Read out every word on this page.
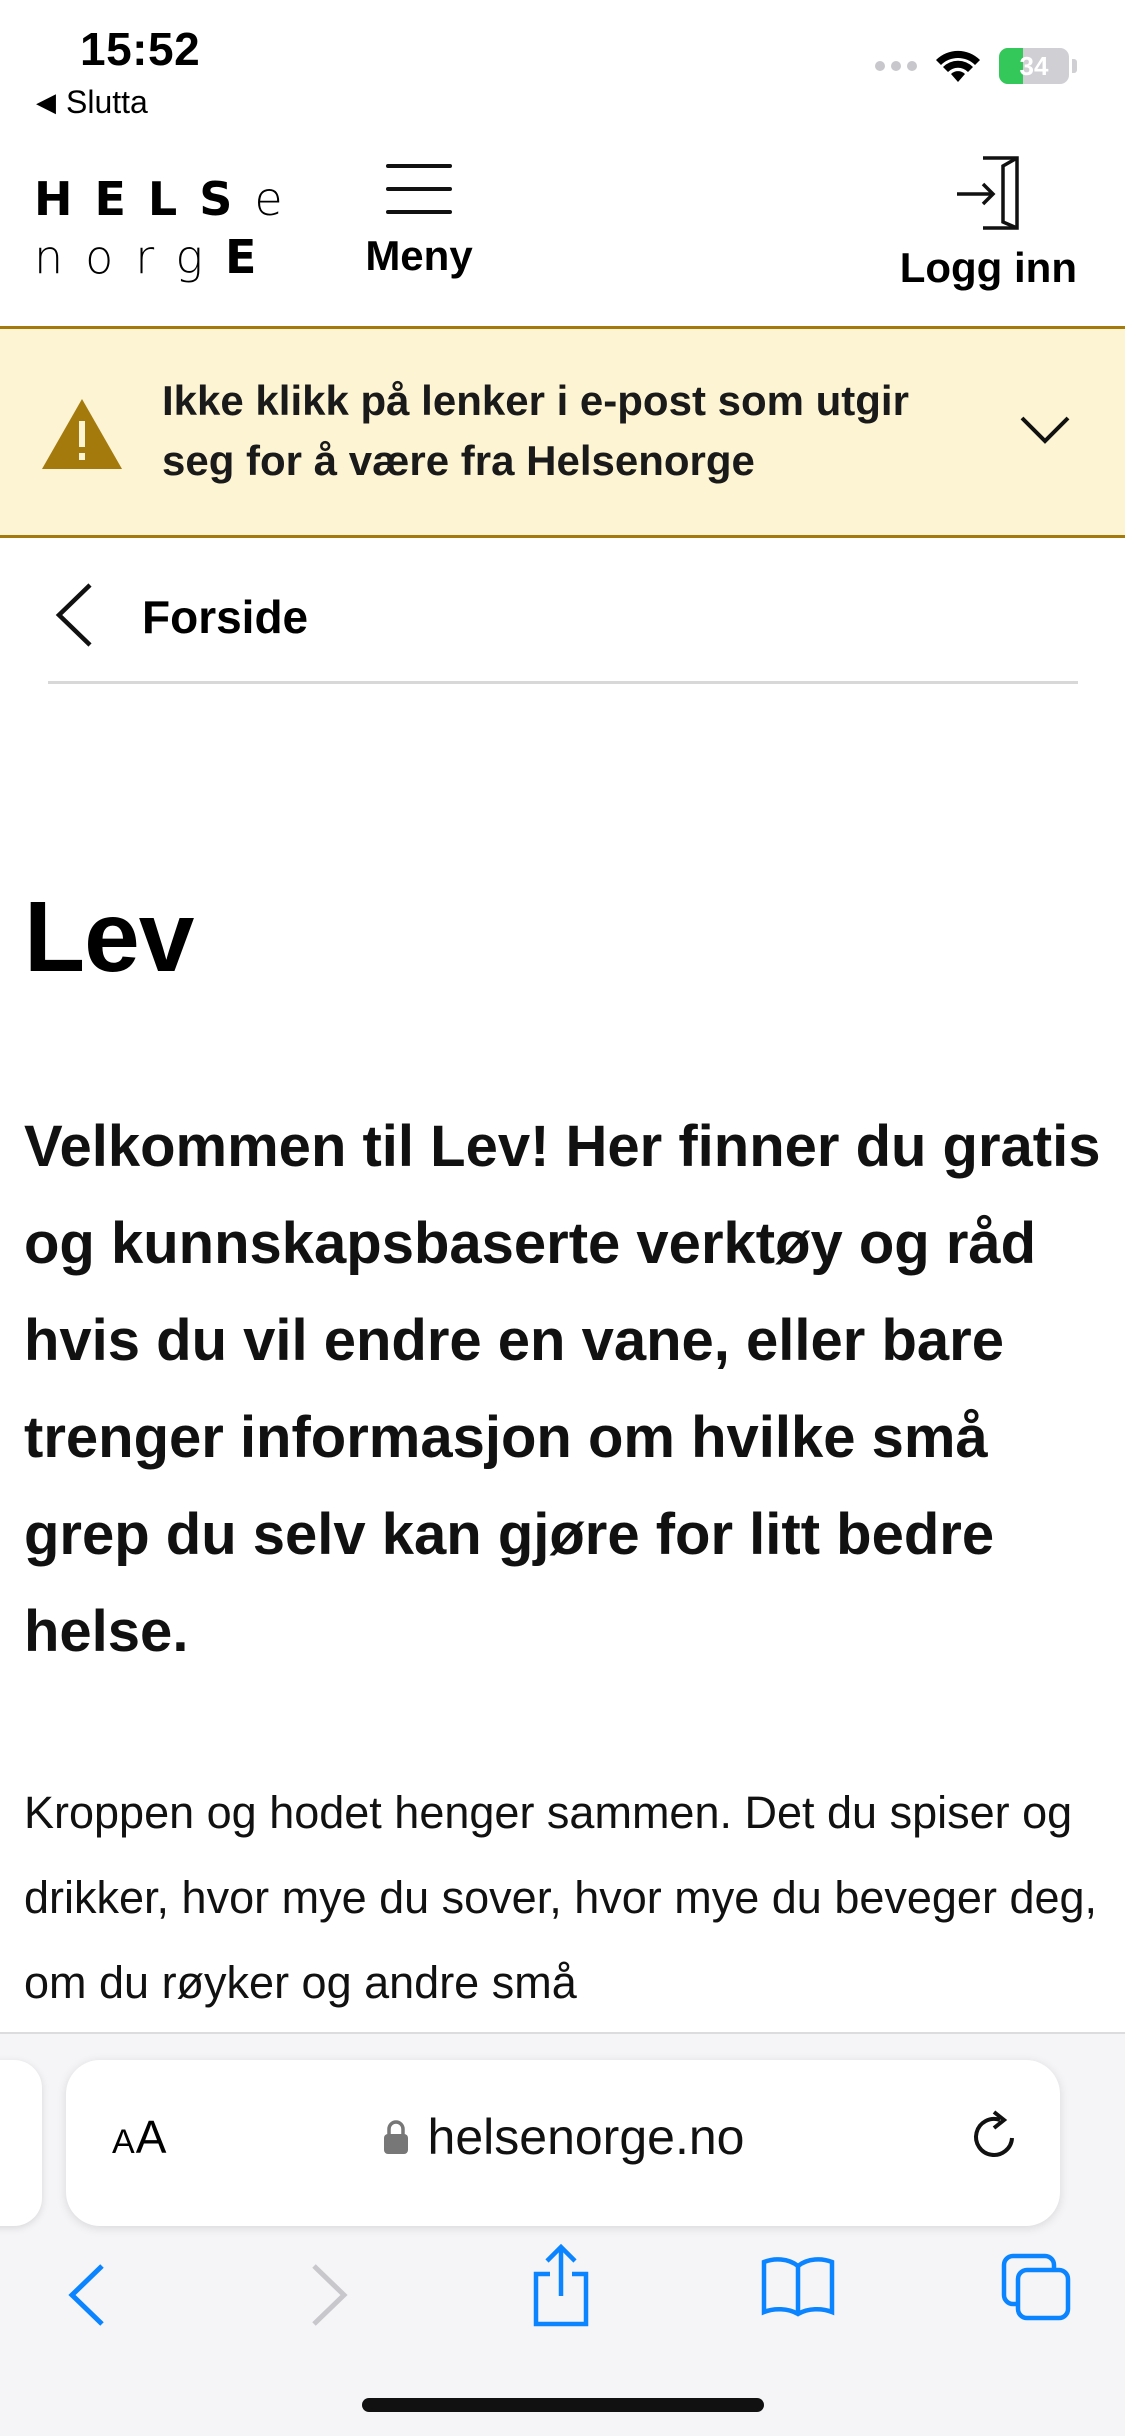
15:52
◀ Slutta
34
HELSe
norgE	Meny	Logg inn
Ikke klikk på lenker i e-post som utgir seg for å være fra Helsenorge
Forside
Lev

Velkommen til Lev! Her finner du gratis og kunnskapsbaserte verktøy og råd hvis du vil endre en vane, eller bare trenger informasjon om hvilke små grep du selv kan gjøre for litt bedre helse.

Kroppen og hodet henger sammen. Det du spiser og drikker, hvor mye du sover, hvor mye du beveger deg, om du røyker og andre små

AA	helsenorge.no
